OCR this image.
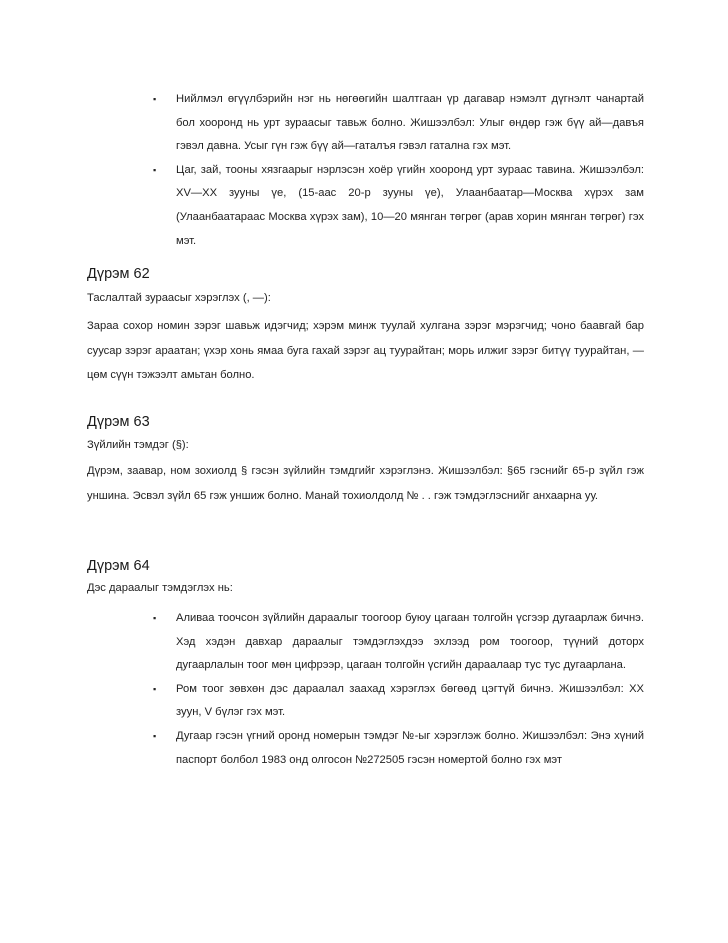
▪ Нийлмэл өгүүлбэрийн нэг нь нөгөөгийн шалтгаан үр дагавар нэмэлт дүгнэлт чанартай бол хооронд нь урт зураасыг тавьж болно. Жишээлбэл: Улыг өндөр гэж бүү ай—давъя гэвэл давна. Усыг гүн гэж бүү ай—гаталъя гэвэл гатална гэх мэт.
▪ Цаг, зай, тооны хязгаарыг нэрлэсэн хоёр үгийн хооронд урт зураас тавина. Жишээлбэл: XV—XX зууны үе, (15-аас 20-р зууны үе), Улаанбаатар—Москва хүрэх зам (Улаанбаатараас Москва хүрэх зам), 10—20 мянган төгрөг (арав хорин мянган төгрөг) гэх мэт.
Дүрэм 62
Таслалтай зураасыг хэрэглэх (, —):

Зараа сохор номин зэрэг шавьж идэгчид; хэрэм минж туулай хулгана зэрэг мэрэгчид; чоно баавгай бар суусар зэрэг араатан; үхэр хонь ямаа буга гахай зэрэг ац туурайтан; морь илжиг зэрэг битүү туурайтан, —цөм сүүн тэжээлт амьтан болно.

Дүрэм 63
Зүйлийн тэмдэг (§):

Дүрэм, заавар, ном зохиолд § гэсэн зүйлийн тэмдгийг хэрэглэнэ. Жишээлбэл: §65 гэснийг 65-р зүйл гэж уншина. Эсвэл зүйл 65 гэж уншиж болно. Манай тохиолдолд № . . гэж тэмдэглэснийг анхаарна уу.

Дүрэм 64
Дэс дараалыг тэмдэглэх нь:
▪ Аливаа тоочсон зүйлийн дараалыг тоогоор буюу цагаан толгойн үсгээр дугаарлаж бичнэ. Хэд хэдэн давхар дараалыг тэмдэглэхдээ эхлээд ром тоогоор, түүний доторх дугаарлалын тоог мөн цифрээр, цагаан толгойн үсгийн дараалаар тус тус дугаарлана.
▪ Ром тоог зөвхөн дэс дараалал заахад хэрэглэх бөгөөд цэгтүй бичнэ. Жишээлбэл: XX зуун, V бүлэг гэх мэт.
▪ Дугаар гэсэн үгний оронд номерын тэмдэг №-ыг хэрэглэж болно. Жишээлбэл: Энэ хүний паспорт болбол 1983 онд олгосон №272505 гэсэн номертой болно гэх мэт
